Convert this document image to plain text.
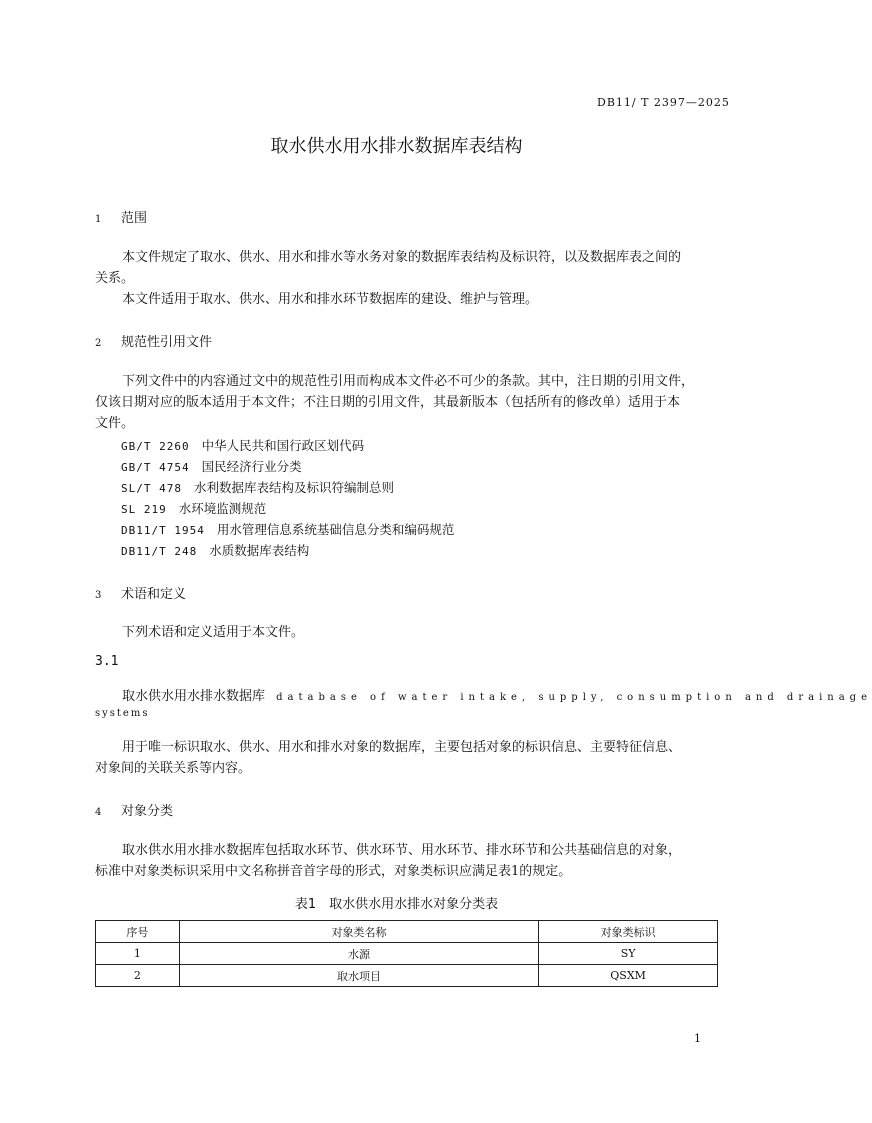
DB11/ T 2397—2025
取水供水用水排水数据库表结构
1 范围
本文件规定了取水、供水、用水和排水等水务对象的数据库表结构及标识符，以及数据库表之间的

关系。
本文件适用于取水、供水、用水和排水环节数据库的建设、维护与管理。
2 规范性引用文件
下列文件中的内容通过文中的规范性引用而构成本文件必不可少的条款。其中，注日期的引用文件，
仅该日期对应的版本适用于本文件；不注日期的引用文件，其最新版本（包括所有的修改单）适用于本
文件。
GB/T 2260 中华人民共和国行政区划代码
GB/T 4754 国民经济行业分类
SL/T 478 水利数据库表结构及标识符编制总则
SL 219 水环境监测规范
DB11/T 1954 用水管理信息系统基础信息分类和编码规范
DB11/T 248 水质数据库表结构
3 术语和定义
下列术语和定义适用于本文件。
3.1
取水供水用水排水数据库 database of water intake, supply, consumption and drainage
systems
用于唯一标识取水、供水、用水和排水对象的数据库，主要包括对象的标识信息、主要特征信息、
对象间的关联关系等内容。
4 对象分类
取水供水用水排水数据库包括取水环节、供水环节、用水环节、排水环节和公共基础信息的对象，
标准中对象类标识采用中文名称拼音首字母的形式，对象类标识应满足表1的规定。
表1　取水供水用水排水对象分类表
序号	对象类名称	对象类标识
1	水源	SY
2	取水项目	QSXM
1
